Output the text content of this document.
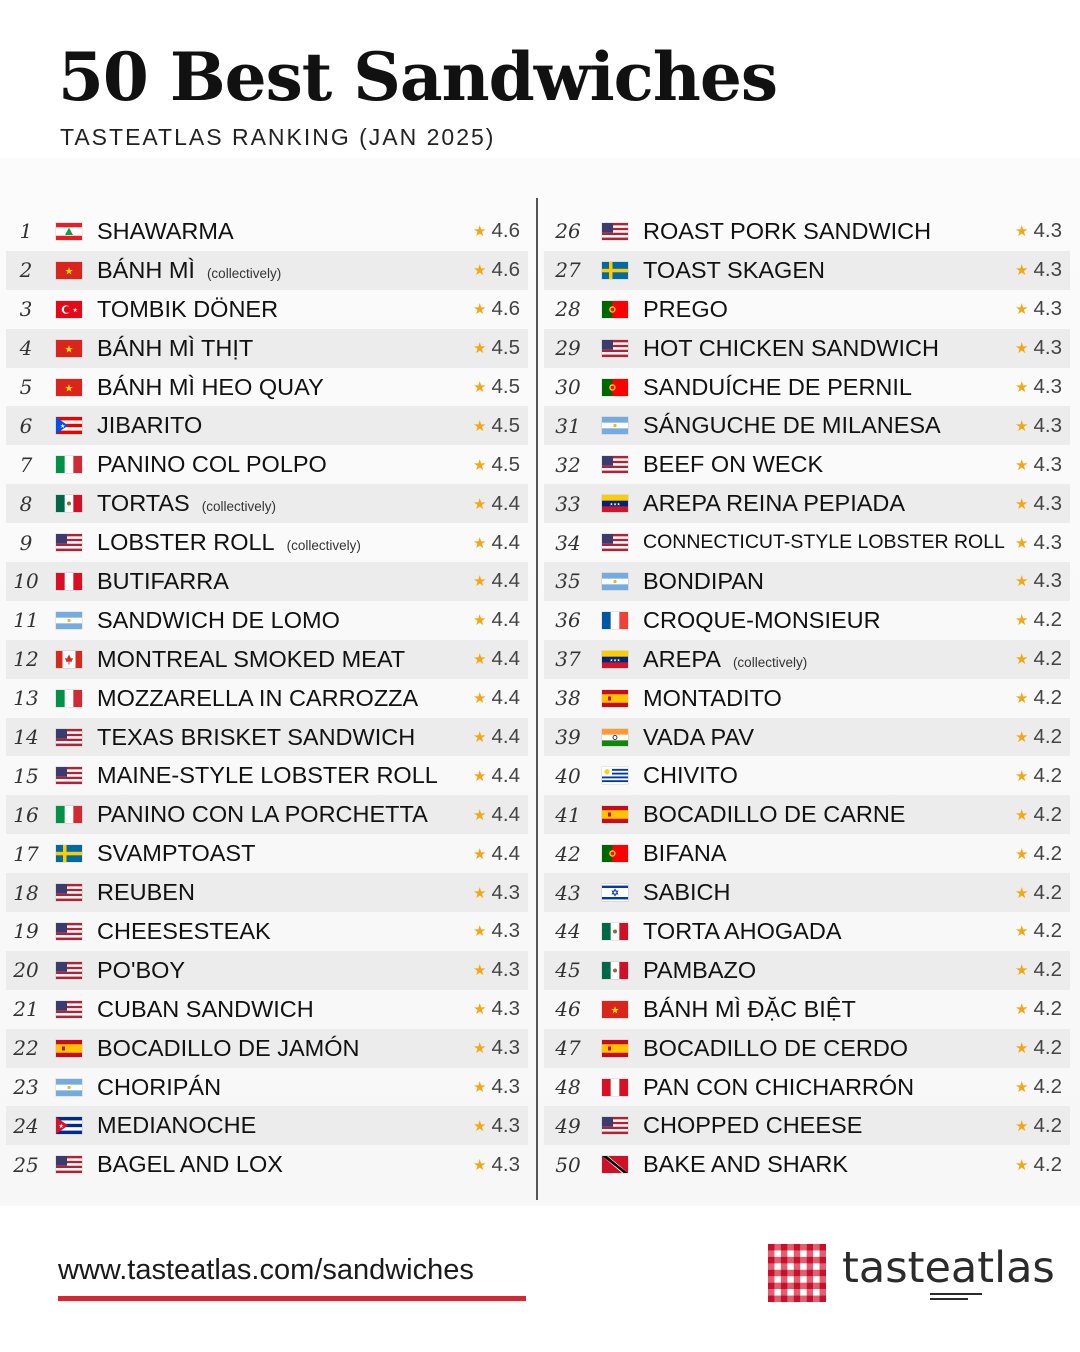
50 Best Sandwiches
TASTEATLAS RANKING (JAN 2025)
1	SHAWARMA	★ 4.6
2	★ BÁNH MÌ (collectively)	★ 4.6
3	★ TOMBIK DÖNER	★ 4.6
4	★ BÁNH MÌ THỊT	★ 4.5
5	★ BÁNH MÌ HEO QUAY	★ 4.5
6	★ JIBARITO	★ 4.5
7	PANINO COL POLPO	★ 4.5
8	TORTAS (collectively)	★ 4.4
9	LOBSTER ROLL (collectively)	★ 4.4
10	BUTIFARRA	★ 4.4
11	SANDWICH DE LOMO	★ 4.4
12	MONTREAL SMOKED MEAT	★ 4.4
13	MOZZARELLA IN CARROZZA	★ 4.4
14	TEXAS BRISKET SANDWICH	★ 4.4
15	MAINE-STYLE LOBSTER ROLL	★ 4.4
16	PANINO CON LA PORCHETTA	★ 4.4
17	SVAMPTOAST	★ 4.4
18	REUBEN	★ 4.3
19	CHEESESTEAK	★ 4.3
20	PO'BOY	★ 4.3
21	CUBAN SANDWICH	★ 4.3
22	BOCADILLO DE JAMÓN	★ 4.3
23	CHORIPÁN	★ 4.3
24	★ MEDIANOCHE	★ 4.3
25	BAGEL AND LOX	★ 4.3
26	ROAST PORK SANDWICH	★ 4.3
27	TOAST SKAGEN	★ 4.3
28	PREGO	★ 4.3
29	HOT CHICKEN SANDWICH	★ 4.3
30	SANDUÍCHE DE PERNIL	★ 4.3
31	SÁNGUCHE DE MILANESA	★ 4.3
32	BEEF ON WECK	★ 4.3
33	★★★ AREPA REINA PEPIADA	★ 4.3
34	CONNECTICUT-STYLE LOBSTER ROLL ★ 4.3
35	BONDIPAN	★ 4.3
36	CROQUE-MONSIEUR	★ 4.2
37	★★★ AREPA (collectively)	★ 4.2
38	MONTADITO	★ 4.2
39	VADA PAV	★ 4.2
40	CHIVITO	★ 4.2
41	BOCADILLO DE CARNE	★ 4.2
42	BIFANA	★ 4.2
43	SABICH	★ 4.2
44	TORTA AHOGADA	★ 4.2
45	PAMBAZO	★ 4.2
46	★ BÁNH MÌ ĐẶC BIỆT	★ 4.2
47	BOCADILLO DE CERDO	★ 4.2
48	PAN CON CHICHARRÓN	★ 4.2
49	CHOPPED CHEESE	★ 4.2
50	BAKE AND SHARK	★ 4.2
www.tasteatlas.com/sandwiches	tasteatlas
